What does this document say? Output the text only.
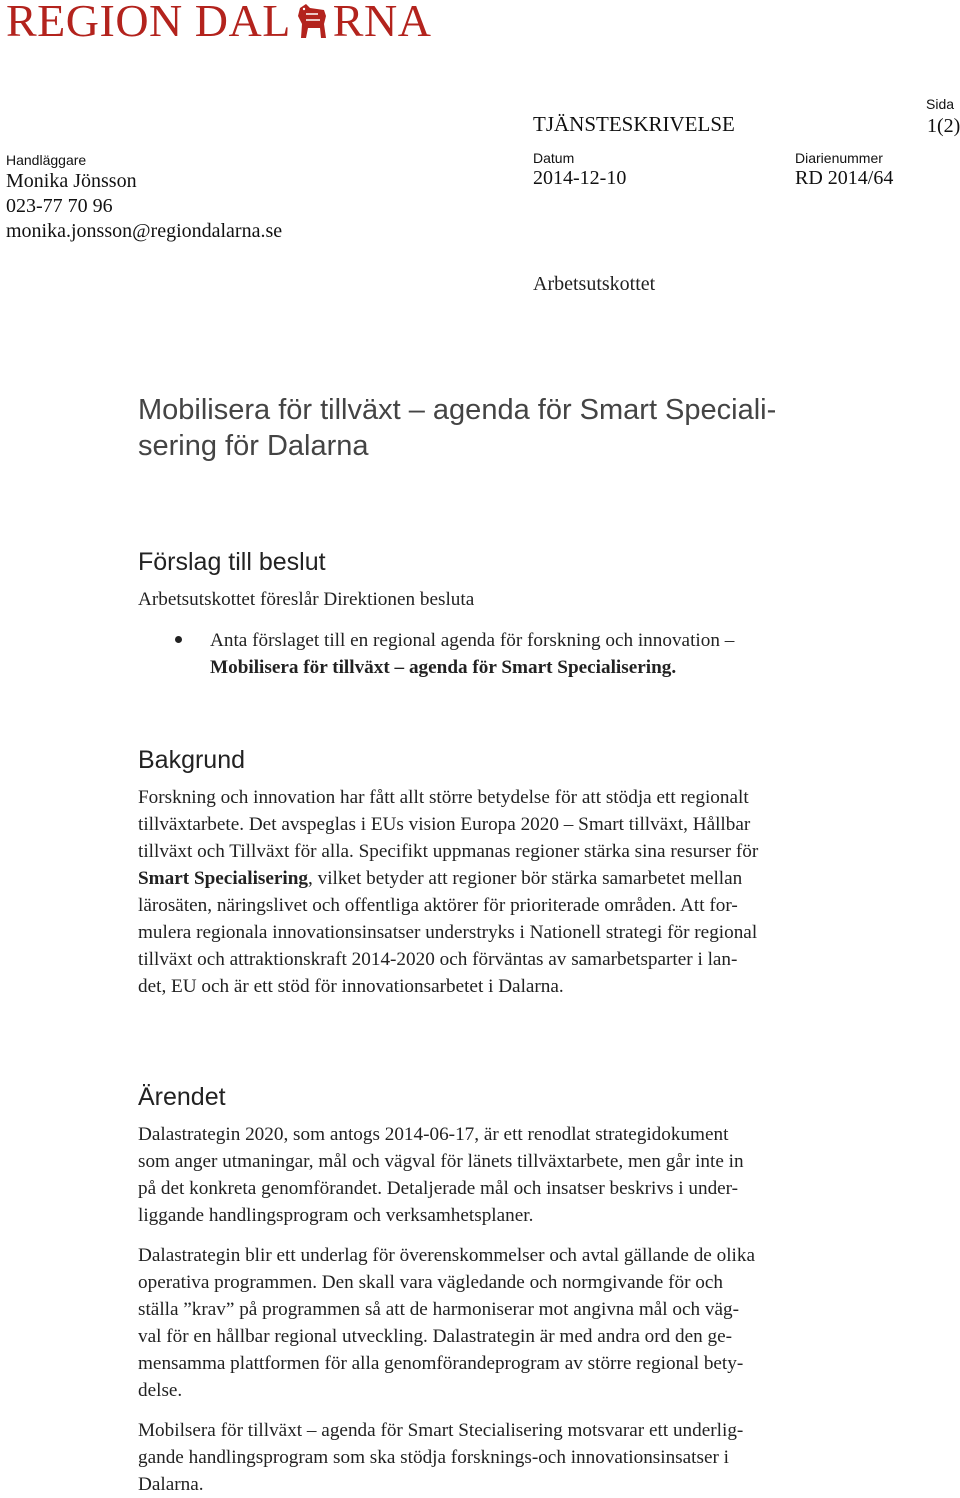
REGION DAL RNA
Sida
1(2)
TJÄNSTESKRIVELSE
Handläggare
Monika Jönsson
023-77 70 96
monika.jonsson@regiondalarna.se
Datum
2014-12-10
Diarienummer
RD 2014/64
Arbetsutskottet
Mobilisera för tillväxt – agenda för Smart Speciali-
sering för Dalarna
Förslag till beslut
Arbetsutskottet föreslår Direktionen besluta
Anta förslaget till en regional agenda för forskning och innovation –
Mobilisera för tillväxt – agenda för Smart Specialisering.
Bakgrund
Forskning och innovation har fått allt större betydelse för att stödja ett regionalt
tillväxtarbete. Det avspeglas i EUs vision Europa 2020 – Smart tillväxt, Hållbar
tillväxt och Tillväxt för alla. Specifikt uppmanas regioner stärka sina resurser för
Smart Specialisering, vilket betyder att regioner bör stärka samarbetet mellan
lärosäten, näringslivet och offentliga aktörer för prioriterade områden. Att for-
mulera regionala innovationsinsatser understryks i Nationell strategi för regional
tillväxt och attraktionskraft 2014-2020 och förväntas av samarbetsparter i lan-
det, EU och är ett stöd för innovationsarbetet i Dalarna.
Ärendet
Dalastrategin 2020, som antogs 2014-06-17, är ett renodlat strategidokument
som anger utmaningar, mål och vägval för länets tillväxtarbete, men går inte in
på det konkreta genomförandet. Detaljerade mål och insatser beskrivs i under-
liggande handlingsprogram och verksamhetsplaner.
Dalastrategin blir ett underlag för överenskommelser och avtal gällande de olika
operativa programmen. Den skall vara vägledande och normgivande för och
ställa ”krav” på programmen så att de harmoniserar mot angivna mål och väg-
val för en hållbar regional utveckling. Dalastrategin är med andra ord den ge-
mensamma plattformen för alla genomförandeprogram av större regional bety-
delse.
Mobilsera för tillväxt – agenda för Smart Stecialisering motsvarar ett underlig-
gande handlingsprogram som ska stödja forsknings-och innovationsinsatser i
Dalarna.
